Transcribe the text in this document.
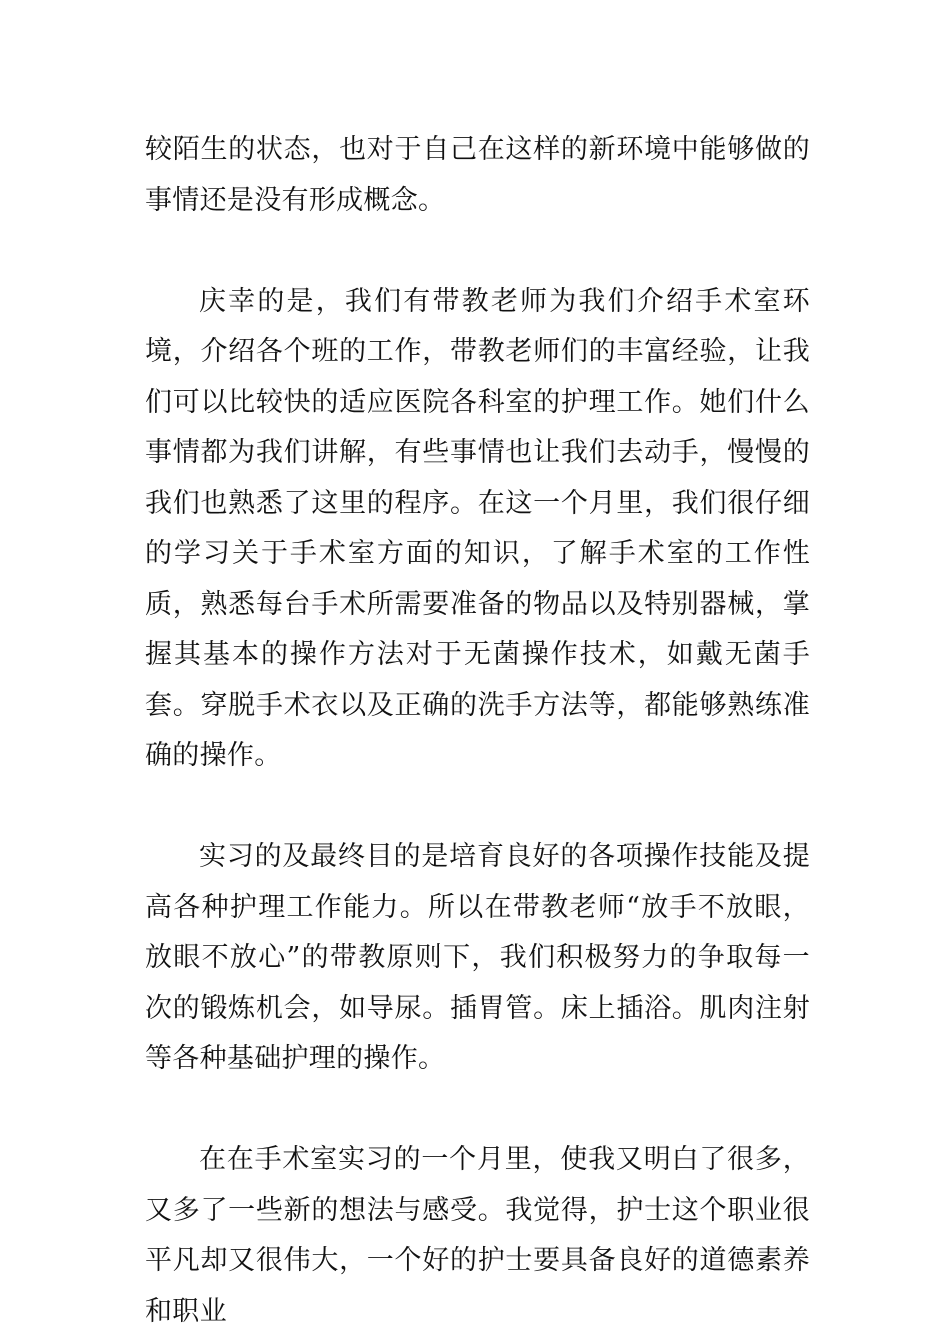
较陌生的状态，也对于自己在这样的新环境中能够做的事情还是没有形成概念。

庆幸的是，我们有带教老师为我们介绍手术室环境，介绍各个班的工作，带教老师们的丰富经验，让我们可以比较快的适应医院各科室的护理工作。她们什么事情都为我们讲解，有些事情也让我们去动手，慢慢的我们也熟悉了这里的程序。在这一个月里，我们很仔细的学习关于手术室方面的知识，了解手术室的工作性质，熟悉每台手术所需要准备的物品以及特别器械，掌握其基本的操作方法对于无菌操作技术，如戴无菌手套。穿脱手术衣以及正确的洗手方法等，都能够熟练准确的操作。

实习的及最终目的是培育良好的各项操作技能及提高各种护理工作能力。所以在带教老师“放手不放眼，放眼不放心”的带教原则下，我们积极努力的争取每一次的锻炼机会，如导尿。插胃管。床上插浴。肌肉注射等各种基础护理的操作。

在在手术室实习的一个月里，使我又明白了很多，又多了一些新的想法与感受。我觉得，护士这个职业很平凡却又很伟大，一个好的护士要具备良好的道德素养和职业
